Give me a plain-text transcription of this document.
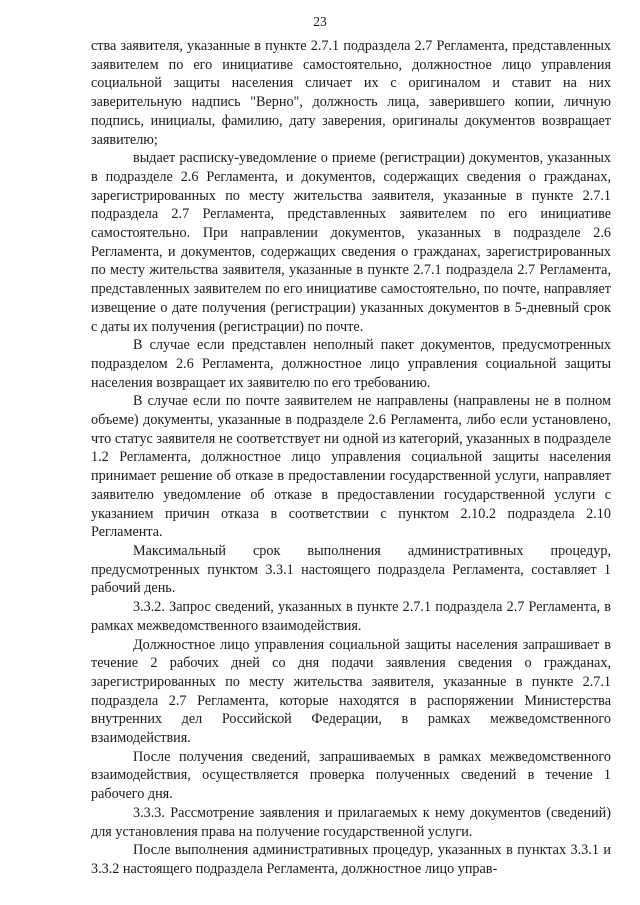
23

ства заявителя, указанные в пункте 2.7.1 подраздела 2.7 Регламента, представленных заявителем по его инициативе самостоятельно, должностное лицо управления социальной защиты населения сличает их с оригиналом и ставит на них заверительную надпись "Верно", должность лица, заверившего копии, личную подпись, инициалы, фамилию, дату заверения, оригиналы документов возвращает заявителю;

выдает расписку-уведомление о приеме (регистрации) документов, указанных в подразделе 2.6 Регламента, и документов, содержащих сведения о гражданах, зарегистрированных по месту жительства заявителя, указанные в пункте 2.7.1 подраздела 2.7 Регламента, представленных заявителем по его инициативе самостоятельно. При направлении документов, указанных в подразделе 2.6 Регламента, и документов, содержащих сведения о гражданах, зарегистрированных по месту жительства заявителя, указанные в пункте 2.7.1 подраздела 2.7 Регламента, представленных заявителем по его инициативе самостоятельно, по почте, направляет извещение о дате получения (регистрации) указанных документов в 5-дневный срок с даты их получения (регистрации) по почте.

В случае если представлен неполный пакет документов, предусмотренных подразделом 2.6 Регламента, должностное лицо управления социальной защиты населения возвращает их заявителю по его требованию.

В случае если по почте заявителем не направлены (направлены не в полном объеме) документы, указанные в подразделе 2.6 Регламента, либо если установлено, что статус заявителя не соответствует ни одной из категорий, указанных в подразделе 1.2 Регламента, должностное лицо управления социальной защиты населения принимает решение об отказе в предоставлении государственной услуги, направляет заявителю уведомление об отказе в предоставлении государственной услуги с указанием причин отказа в соответствии с пунктом 2.10.2 подраздела 2.10 Регламента.

Максимальный срок выполнения административных процедур, предусмотренных пунктом 3.3.1 настоящего подраздела Регламента, составляет 1 рабочий день.

3.3.2. Запрос сведений, указанных в пункте 2.7.1 подраздела 2.7 Регламента, в рамках межведомственного взаимодействия.

Должностное лицо управления социальной защиты населения запрашивает в течение 2 рабочих дней со дня подачи заявления сведения о гражданах, зарегистрированных по месту жительства заявителя, указанные в пункте 2.7.1 подраздела 2.7 Регламента, которые находятся в распоряжении Министерства внутренних дел Российской Федерации, в рамках межведомственного взаимодействия.

После получения сведений, запрашиваемых в рамках межведомственного взаимодействия, осуществляется проверка полученных сведений в течение 1 рабочего дня.

3.3.3. Рассмотрение заявления и прилагаемых к нему документов (сведений) для установления права на получение государственной услуги.

После выполнения административных процедур, указанных в пунктах 3.3.1 и 3.3.2 настоящего подраздела Регламента, должностное лицо управ-
